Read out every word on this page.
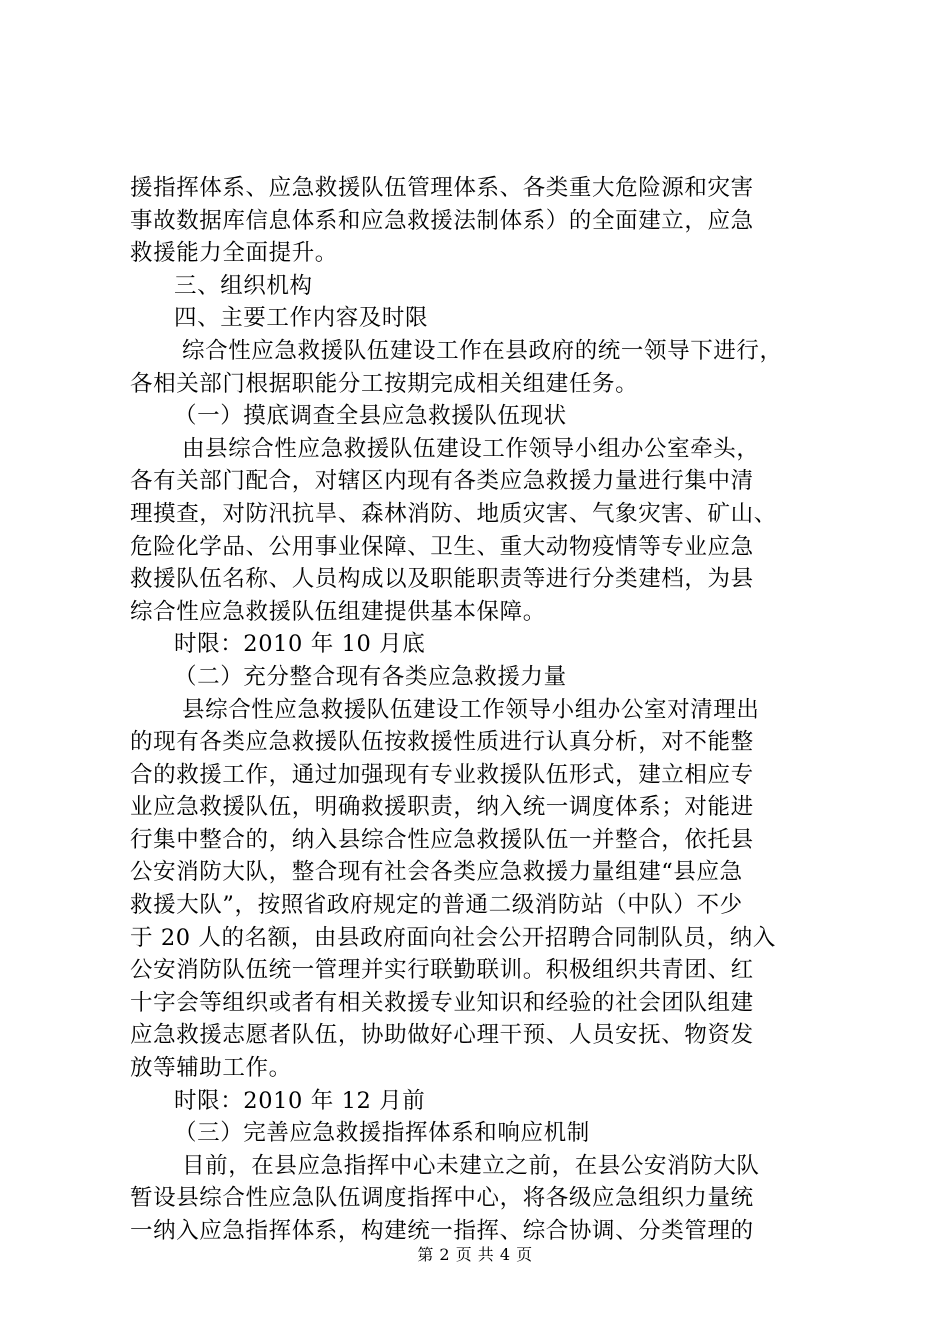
援指挥体系、应急救援队伍管理体系、各类重大危险源和灾害
事故数据库信息体系和应急救援法制体系）的全面建立，应急
救援能力全面提升。
三、组织机构
四、主要工作内容及时限
综合性应急救援队伍建设工作在县政府的统一领导下进行，
各相关部门根据职能分工按期完成相关组建任务。
（一）摸底调查全县应急救援队伍现状
由县综合性应急救援队伍建设工作领导小组办公室牵头，
各有关部门配合，对辖区内现有各类应急救援力量进行集中清
理摸查，对防汛抗旱、森林消防、地质灾害、气象灾害、矿山、
危险化学品、公用事业保障、卫生、重大动物疫情等专业应急
救援队伍名称、人员构成以及职能职责等进行分类建档，为县
综合性应急救援队伍组建提供基本保障。
时限：2010 年 10 月底
（二）充分整合现有各类应急救援力量
县综合性应急救援队伍建设工作领导小组办公室对清理出
的现有各类应急救援队伍按救援性质进行认真分析，对不能整
合的救援工作，通过加强现有专业救援队伍形式，建立相应专
业应急救援队伍，明确救援职责，纳入统一调度体系；对能进
行集中整合的，纳入县综合性应急救援队伍一并整合，依托县
公安消防大队，整合现有社会各类应急救援力量组建“县应急
救援大队”，按照省政府规定的普通二级消防站（中队）不少
于 20 人的名额，由县政府面向社会公开招聘合同制队员，纳入
公安消防队伍统一管理并实行联勤联训。积极组织共青团、红
十字会等组织或者有相关救援专业知识和经验的社会团队组建
应急救援志愿者队伍，协助做好心理干预、人员安抚、物资发
放等辅助工作。
时限：2010 年 12 月前
（三）完善应急救援指挥体系和响应机制
目前，在县应急指挥中心未建立之前，在县公安消防大队
暂设县综合性应急队伍调度指挥中心，将各级应急组织力量统
一纳入应急指挥体系，构建统一指挥、综合协调、分类管理的
第 2 页 共 4 页
